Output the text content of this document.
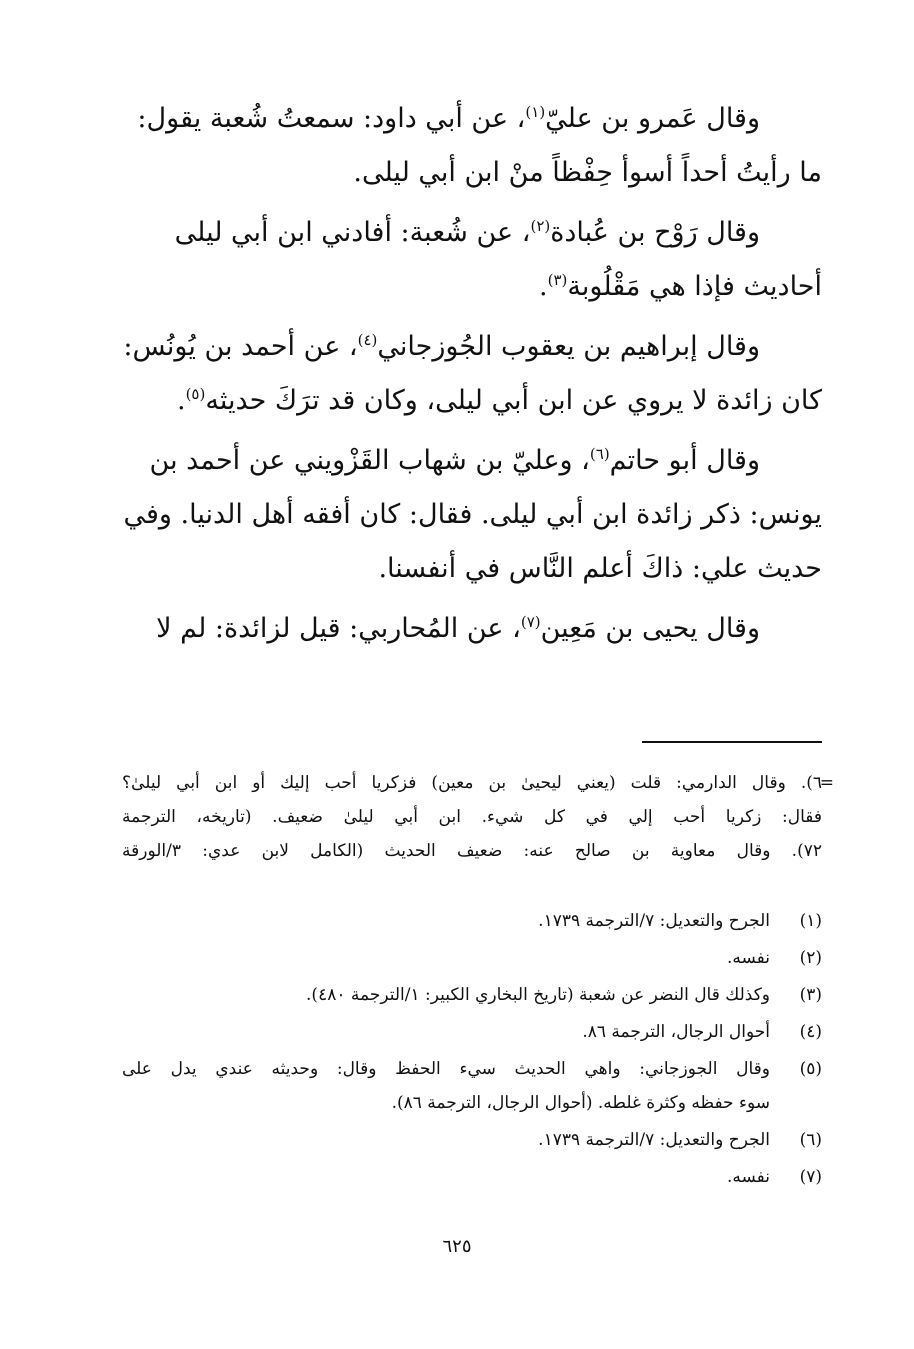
وقال عَمرو بن عليّ$^{(١)}$، عن أبي داود: سمعتُ شُعبة يقول:

ما رأيتُ أحداً أسوأ حِفْظاً منْ ابن أبي ليلى.

وقال رَوْح بن عُبادة$^{(٢)}$، عن شُعبة: أفادني ابن أبي ليلى

أحاديث فإذا هي مَقْلُوبة$^{(٣)}$.

وقال إبراهيم بن يعقوب الجُوزجاني$^{(٤)}$، عن أحمد بن يُونُس:

كان زائدة لا يروي عن ابن أبي ليلى، وكان قد ترَكَ حديثه$^{(٥)}$.

وقال أبو حاتم$^{(٦)}$، وعليّ بن شهاب القَزْويني عن أحمد بن

يونس: ذكر زائدة ابن أبي ليلى. فقال: كان أفقه أهل الدنيا. وفي

حديث علي: ذاكَ أعلم النَّاس في أنفسنا.

وقال يحيى بن مَعِين$^{(٧)}$، عن المُحاربي: قيل لزائدة: لم لا

=

٦). وقال الدارمي: قلت (يعني ليحيىٰ بن معين) فزكريا أحب إليك أو ابن أبي ليلىٰ؟

فقال: زكريا أحب إلي في كل شيء. ابن أبي ليلىٰ ضعيف. (تاريخه، الترجمة

٧٢). وقال معاوية بن صالح عنه: ضعيف الحديث (الكامل لابن عدي: ٣/الورقة

(١)

الجرح والتعديل: ٧/الترجمة ١٧٣٩.

(٢)

نفسه.

(٣)

وكذلك قال النضر عن شعبة (تاريخ البخاري الكبير: ١/الترجمة ٤٨٠).

(٤)

أحوال الرجال، الترجمة ٨٦.

(٥)

وقال الجوزجاني: واهي الحديث سيء الحفظ وقال: وحديثه عندي يدل على

سوء حفظه وكثرة غلطه. (أحوال الرجال، الترجمة ٨٦).

(٦)

الجرح والتعديل: ٧/الترجمة ١٧٣٩.

(٧)

نفسه.

٦٢٥
